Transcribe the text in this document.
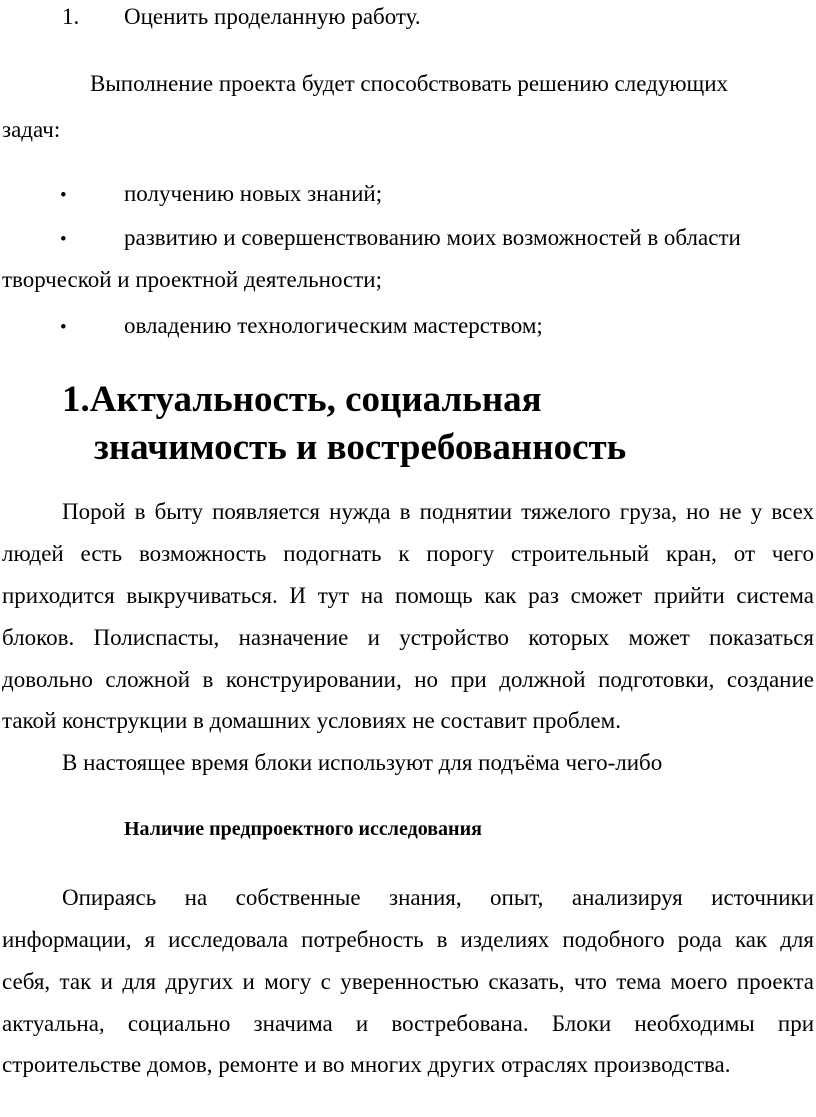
1. Оценить проделанную работу.
Выполнение проекта будет способствовать решению следующих
задач:
• получению новых знаний;
• развитию и совершенствованию моих возможностей в области
творческой и проектной деятельности;
• овладению технологическим мастерством;
1.Актуальность, социальная
значимость и востребованность
Порой в быту появляется нужда в поднятии тяжелого груза, но не у всех
людей есть возможность подогнать к порогу строительный кран, от чего
приходится выкручиваться. И тут на помощь как раз сможет прийти система
блоков. Полиспасты, назначение и устройство которых может показаться
довольно сложной в конструировании, но при должной подготовки, создание
такой конструкции в домашних условиях не составит проблем.
В настоящее время блоки используют для подъёма чего-либо
Наличие предпроектного исследования
Опираясь на собственные знания, опыт, анализируя источники
информации, я исследовала потребность в изделиях подобного рода как для
себя, так и для других и могу с уверенностью сказать, что тема моего проекта
актуальна, социально значима и востребована. Блоки необходимы при
строительстве домов, ремонте и во многих других отраслях производства.
